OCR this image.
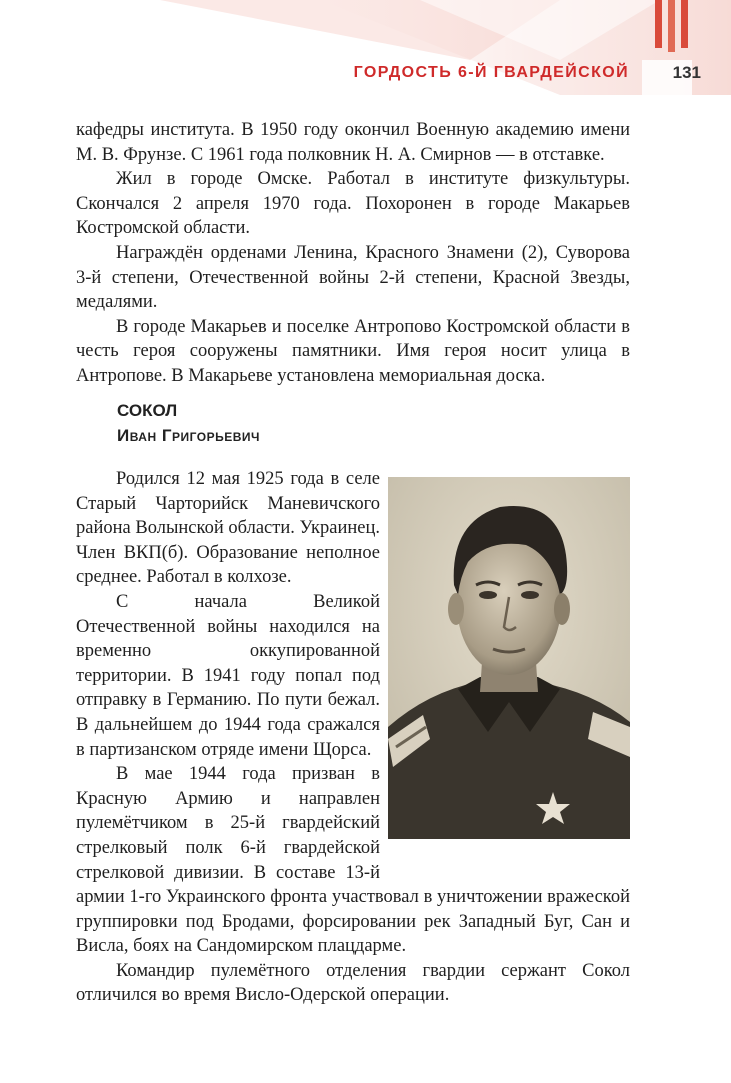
ГОРДОСТЬ 6-Й ГВАРДЕЙСКОЙ	131

кафедры института. В 1950 году окончил Военную академию имени М. В. Фрунзе. С 1961 года полковник Н. А. Смирнов — в отставке.

Жил в городе Омске. Работал в институте физкультуры. Скончался 2 апреля 1970 года. Похоронен в городе Макарьев Костромской области.

Награждён орденами Ленина, Красного Знамени (2), Суворова 3-й степени, Отечественной войны 2-й степени, Красной Звезды, медалями.

В городе Макарьев и поселке Антропово Костромской области в честь героя сооружены памятники. Имя героя носит улица в Антропове. В Макарьеве установлена мемориальная доска.

СОКОЛ
Иван Григорьевич

Родился 12 мая 1925 года в селе Старый Чарторийск Маневичского района Волынской области. Украинец. Член ВКП(б). Образование неполное среднее. Работал в колхозе.

С начала Великой Отечественной войны находился на временно оккупированной территории. В 1941 году попал под отправку в Германию. По пути бежал. В дальнейшем до 1944 года сражался в партизанском отряде имени Щорса.

В мае 1944 года призван в Красную Армию и направлен пулемётчиком в 25-й гвардейский стрелковый полк 6-й гвардейской стрелковой дивизии. В составе 13-й армии 1-го Украинского фронта участвовал в уничтожении вражеской группировки под Бродами, форсировании рек Западный Буг, Сан и Висла, боях на Сандомирском плацдарме.

Командир пулемётного отделения гвардии сержант Сокол отличился во время Висло-Одерской операции.
